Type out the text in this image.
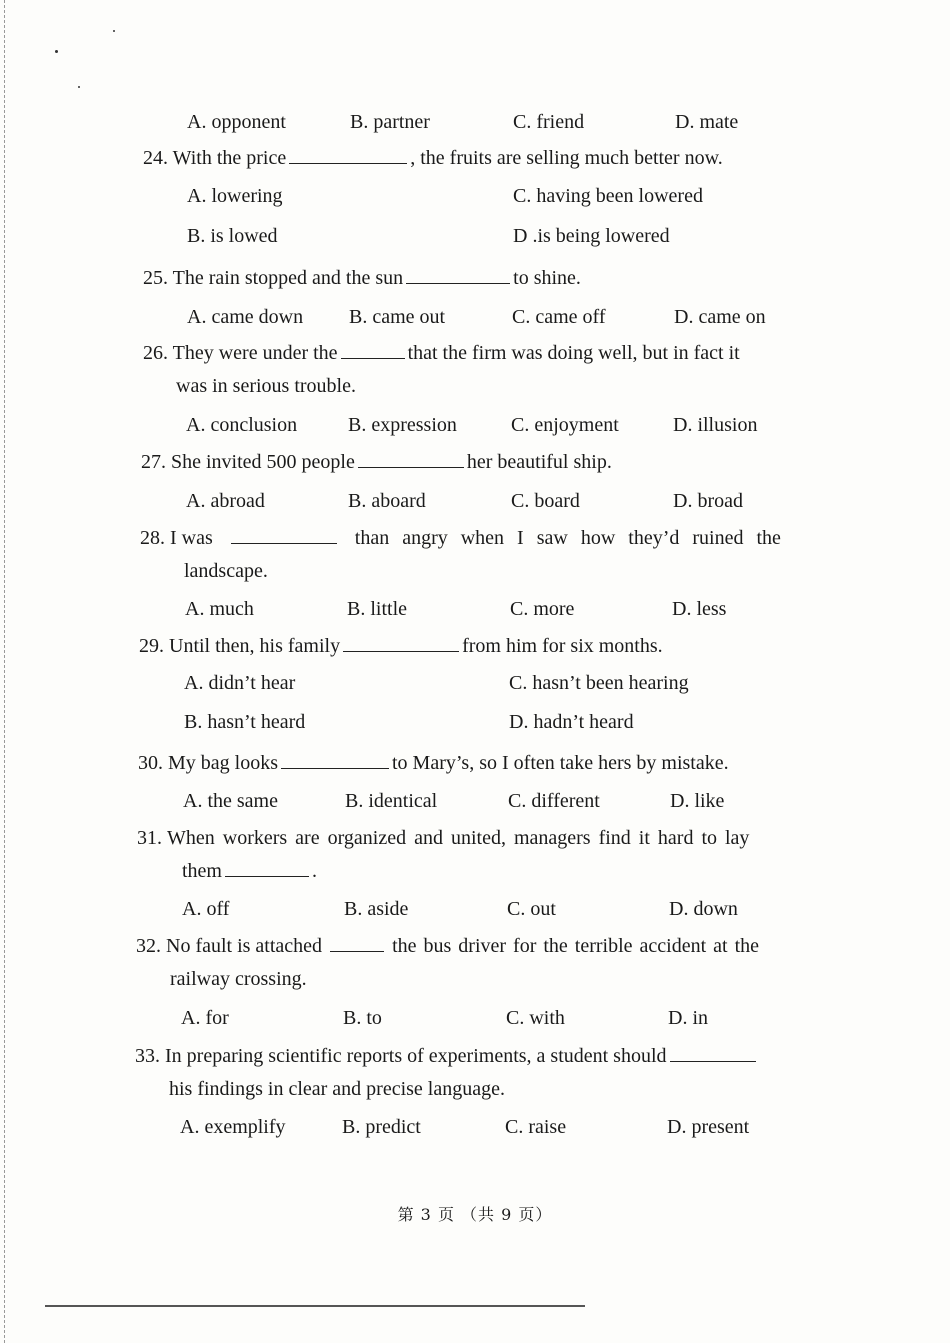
A. opponent	B. partner	C. friend	D. mate

24. With the price	, the fruits are selling much better now.

A. lowering	C. having been lowered
B. is lowed	D .is being lowered

25. The rain stopped and the sun	to shine.

A. came down B. came out	C. came off	D. came on

26. They were under the	that the firm was doing well, but in fact it
was in serious trouble.

A. conclusion	B. expression	C. enjoyment	D. illusion

27. She invited 500 people	her beautiful ship.

A. abroad	B. aboard	C. board	D. broad

28. I was	than angry when I saw how they’d ruined the
landscape.

A. much	B. little	C. more	D. less

29. Until then, his family	from him for six months.

A. didn’t hear	C. hasn’t been hearing
B. hasn’t heard	D. hadn’t heard

30. My bag looks	to Mary’s, so I often take hers by mistake.

A. the same	B. identical	C. different	D. like

31. When workers are organized and united, managers find it hard to lay
them	.

A. off	B. aside	C. out	D. down

32. No fault is attached	the bus driver for the terrible accident at the
railway crossing.

A. for	B. to	C. with	D. in

33. In preparing scientific reports of experiments, a student should
his findings in clear and precise language.

A. exemplify	B. predict	C. raise	D. present
第 3 页 （共 9 页）
